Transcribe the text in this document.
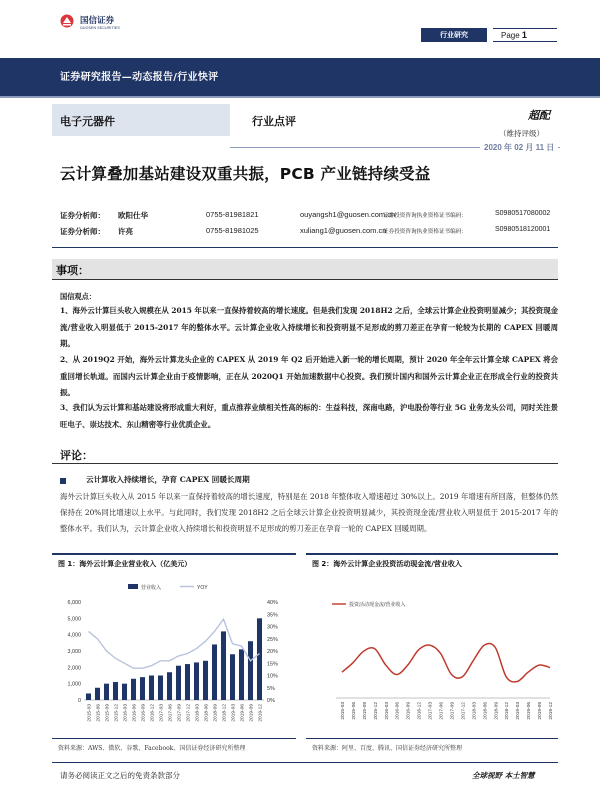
国信证券
GUOSEN SECURITIES
行业研究	Page 1
证券研究报告—动态报告/行业快评
电子元器件	行业点评	超配
（维持评级）
2020 年 02 月 11 日
云计算叠加基站建设双重共振，PCB 产业链持续受益
证券分析师： 欧阳仕华	0755-81981821	ouyangsh1@guosen.com.cn
证券投资咨询执业资格证书编码：	S0980517080002
证券分析师： 许亮	0755-81981025	xuliang1@guosen.com.cn
证券投资咨询执业资格证书编码：	S0980518120001
事项：
国信观点：
1、海外云计算巨头收入规模在从 2015 年以来一直保持着较高的增长速度。但是我们发现 2018H2 之后，全球云计算企业投资明显减少；其投资现金流/营业收入明显低于 2015-2017 年的整体水平。云计算企业收入持续增长和投资明显不足形成的剪刀差正在孕育一轮较为长期的 CAPEX 回暖周期。
2、从 2019Q2 开始，海外云计算龙头企业的 CAPEX 从 2019 年 Q2 后开始进入新一轮的增长周期，预计 2020 年全年云计算全球 CAPEX 将会重回增长轨道。而国内云计算企业由于疫情影响，正在从 2020Q1 开始加速数据中心投资。我们预计国内和国外云计算企业正在形成全行业的投资共振。
3、我们认为云计算和基站建设将形成重大利好，重点推荐业绩相关性高的标的：生益科技，深南电路，沪电股份等行业 5G 业务龙头公司，同时关注景旺电子、崇达技术、东山精密等行业优质企业。
评论：
云计算收入持续增长，孕育 CAPEX 回暖长周期
海外云计算巨头收入从 2015 年以来一直保持着较高的增长速度，特别是在 2018 年整体收入增速超过 30%以上。2019 年增速有所回落，但整体仍然保持在 20%同比增速以上水平。与此同时，我们发现 2018H2 之后全球云计算企业投资明显减少，其投资现金流/营业收入明显低于 2015-2017 年的整体水平。我们认为，云计算企业收入持续增长和投资明显不足形成的剪刀差正在孕育一轮的 CAPEX 回暖周期。
图 1：海外云计算企业营业收入（亿美元）
营业收入	YOY
0
1,000
2,000
3,000
4,000
5,000
6,000
0%
5%
10%
15%
20%
25%
30%
35%
40%
2015-03 2015-06 2015-09 2015-12 2016-03 2016-06 2016-09 2016-12 2017-03 2017-06 2017-09 2017-12 2018-03 2018-06 2018-09 2018-12 2019-03 2019-06 2019-09 2019-12
资料来源：AWS、微软、谷歌、Facebook、国信证券经济研究所整理
图 2：海外云计算企业投资活动现金流/营业收入
投资活动现金流/营业收入
2015-03 2015-06 2015-09 2015-12 2016-03 2016-06 2016-09 2016-12 2017-03 2017-06 2017-09 2017-12 2018-03 2018-06 2018-09 2018-12 2019-03 2019-06 2019-09 2019-12
资料来源：阿里、百度、腾讯、国信证券经济研究所整理
请务必阅读正文之后的免责条款部分	全球视野 本土智慧
